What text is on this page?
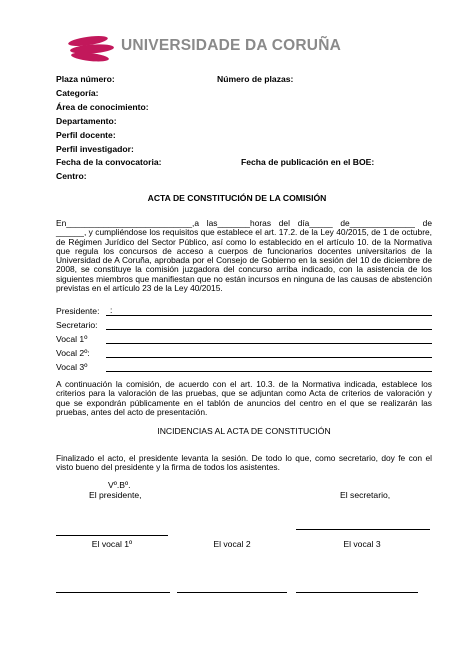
UNIVERSIDADE DA CORUÑA
Plaza número:	Número de plazas:
Categoría:
Área de conocimiento:
Departamento:
Perfil docente:
Perfil investigador:
Fecha de la convocatoria:	Fecha de publicación en el BOE:
Centro:
ACTA DE CONSTITUCIÓN DE LA COMISIÓN
En___________________________,a las_______horas del día_____ de______________ de ______, y cumpliéndose los requisitos que establece el art. 17.2. de la Ley 40/2015, de 1 de octubre, de Régimen Jurídico del Sector Público, así como lo establecido en el artículo 10. de la Normativa que regula los concursos de acceso a cuerpos de funcionarios docentes universitarios de la Universidad de A Coruña, aprobada por el Consejo de Gobierno en la sesión del 10 de diciembre de 2008, se constituye la comisión juzgadora del concurso arriba indicado, con la asistencia de los siguientes miembros que manifiestan que no están incursos en ninguna de las causas de abstención previstas en el artículo 23 de la Ley 40/2015.
Presidente: :
Secretario:
Vocal 1º
Vocal 2º:
Vocal 3º
A continuación la comisión, de acuerdo con el art. 10.3. de la Normativa indicada, establece los criterios para la valoración de las pruebas, que se adjuntan como Acta de criterios de valoración y que se expondrán públicamente en el tablón de anuncios del centro en el que se realizarán las pruebas, antes del acto de presentación.
INCIDENCIAS AL ACTA DE CONSTITUCIÓN
Finalizado el acto, el presidente levanta la sesión. De todo lo que, como secretario, doy fe con el visto bueno del presidente y la firma de todos los asistentes.
Vº.Bº.
El presidente,	El secretario,
El vocal 1º	El vocal 2	El vocal 3
